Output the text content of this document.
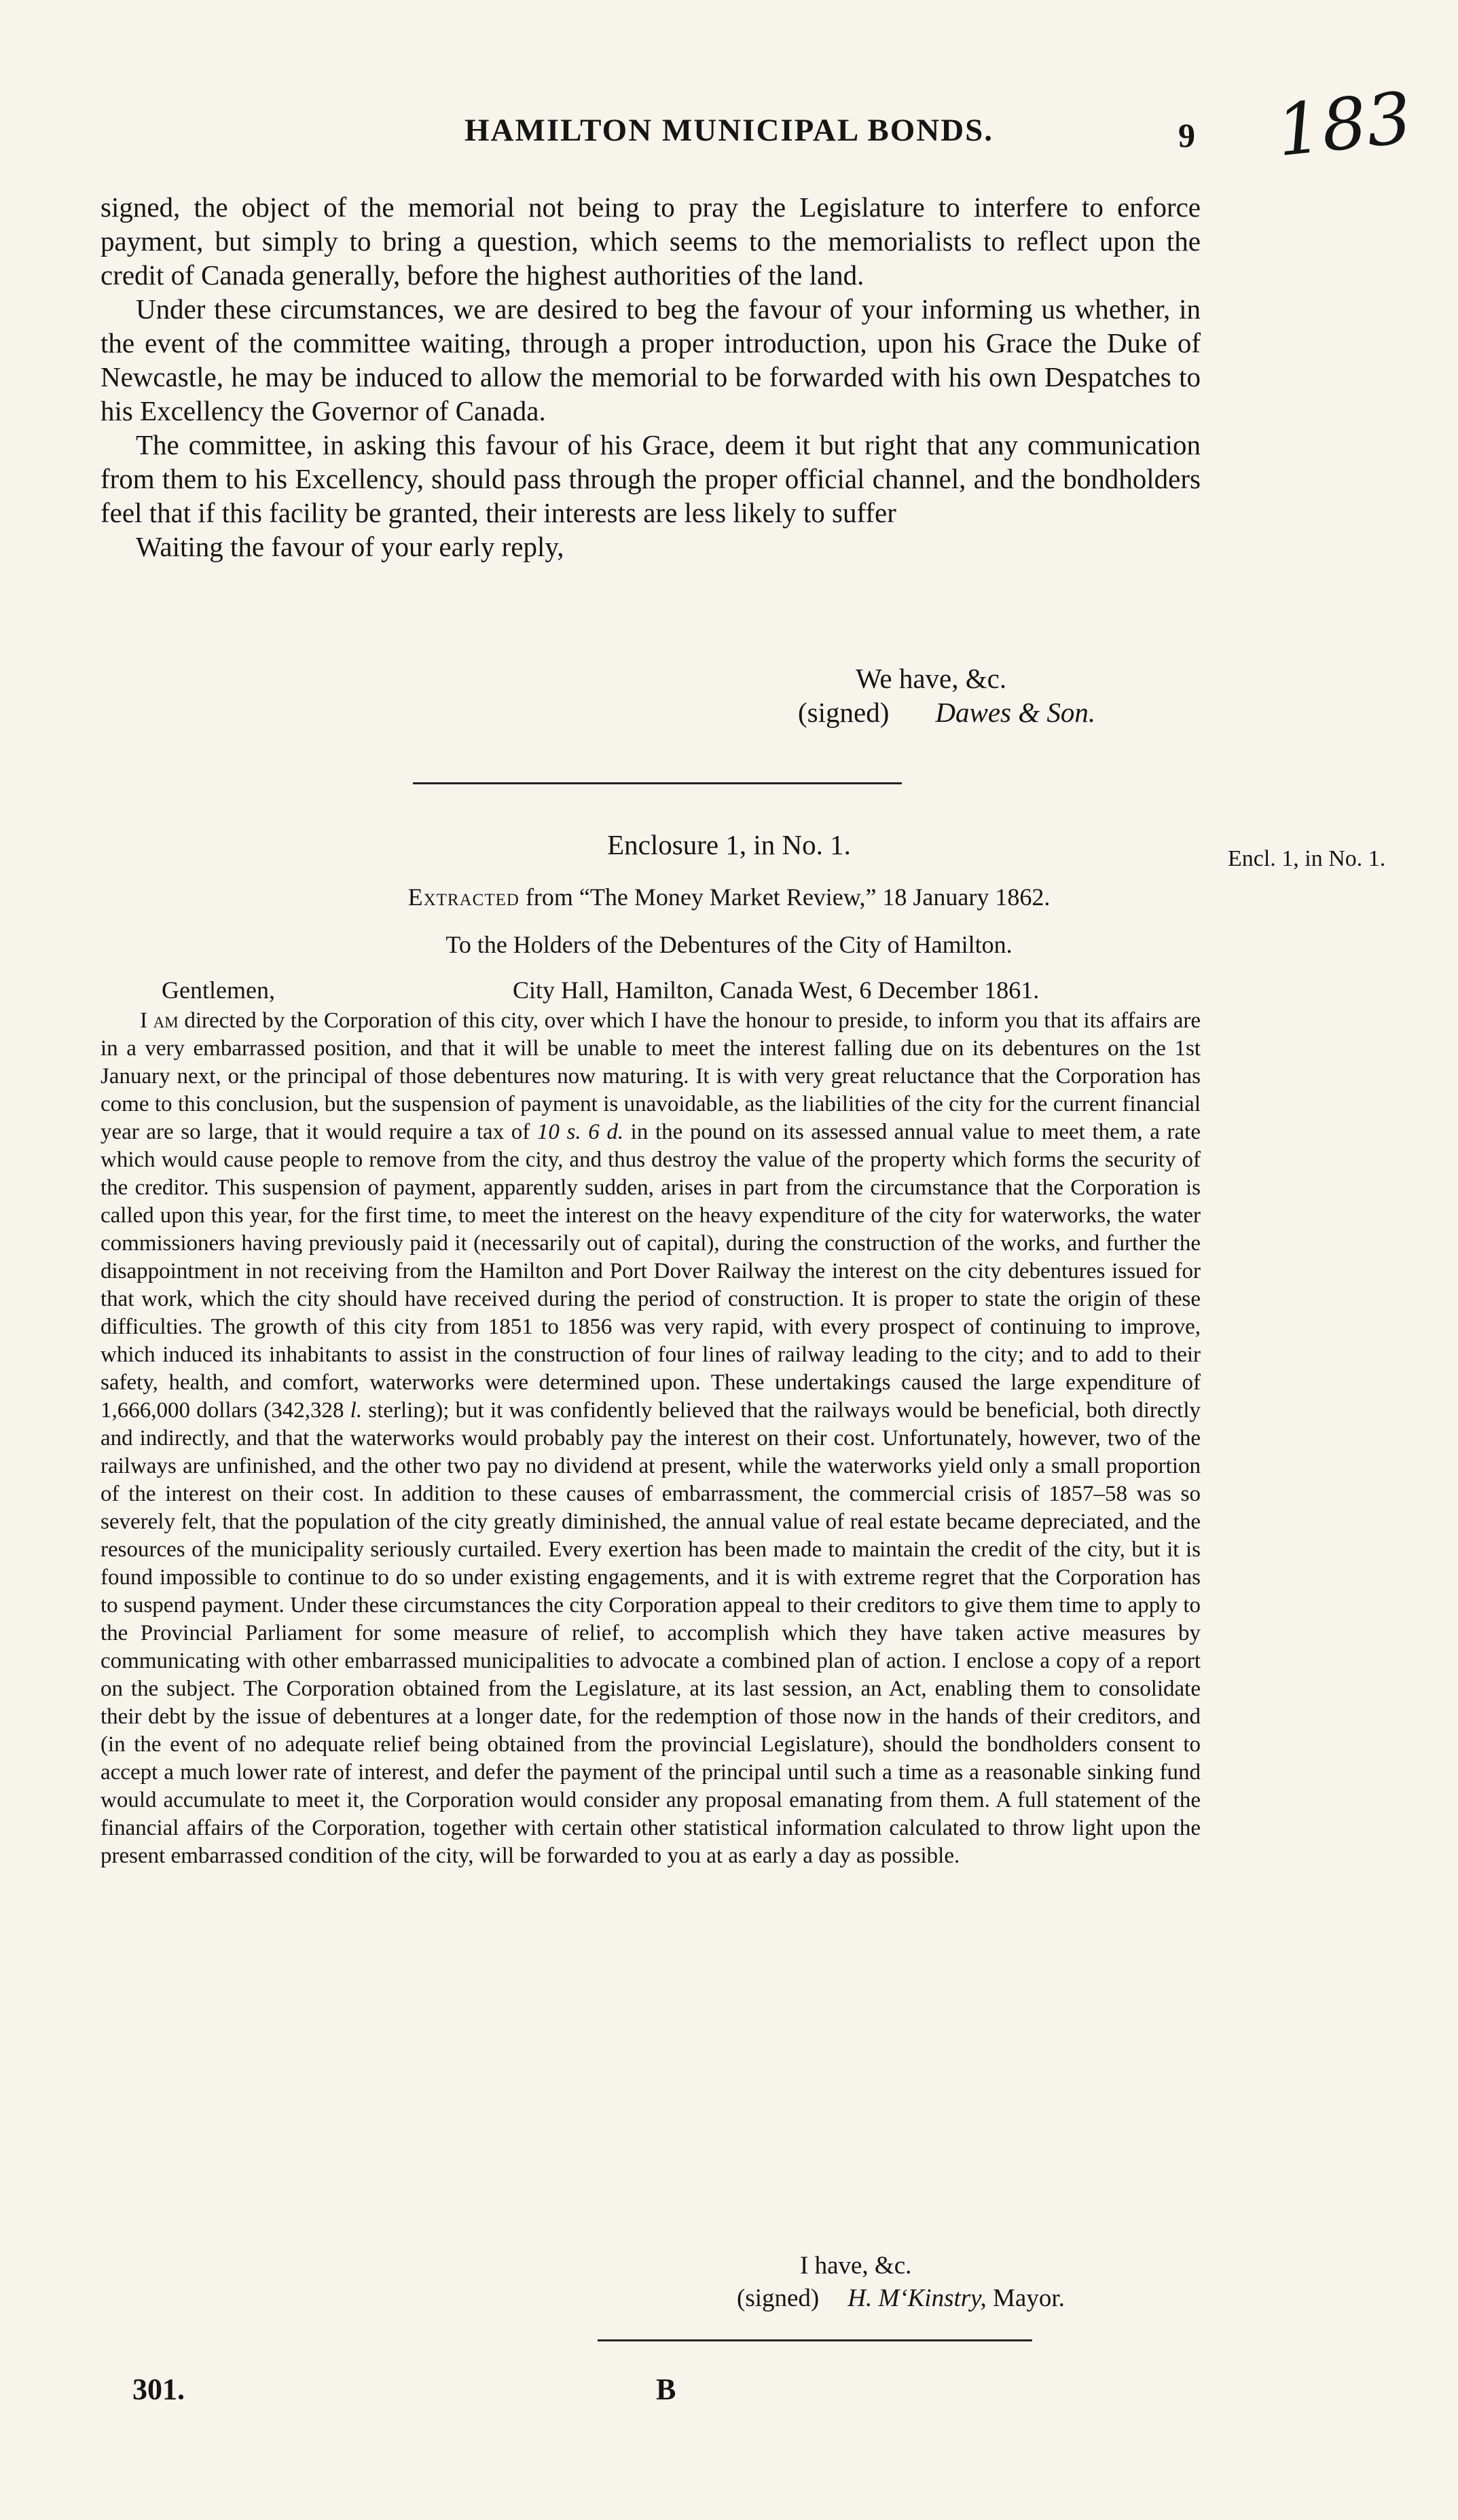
HAMILTON MUNICIPAL BONDS.	9 183

signed, the object of the memorial not being to pray the Legislature to interfere to enforce payment, but simply to bring a question, which seems to the memorialists to reflect upon the credit of Canada generally, before the highest authorities of the land.

Under these circumstances, we are desired to beg the favour of your informing us whether, in the event of the committee waiting, through a proper introduction, upon his Grace the Duke of Newcastle, he may be induced to allow the memorial to be forwarded with his own Despatches to his Excellency the Governor of Canada.

The committee, in asking this favour of his Grace, deem it but right that any communication from them to his Excellency, should pass through the proper official channel, and the bondholders feel that if this facility be granted, their interests are less likely to suffer

Waiting the favour of your early reply,

We have, &c.
(signed) Dawes & Son.
Enclosure 1, in No. 1.	Encl. 1, in No. 1.
Extracted from “The Money Market Review,” 18 January 1862.
To the Holders of the Debentures of the City of Hamilton.
Gentlemen,	City Hall, Hamilton, Canada West, 6 December 1861.

I am directed by the Corporation of this city, over which I have the honour to preside, to inform you that its affairs are in a very embarrassed position, and that it will be unable to meet the interest falling due on its debentures on the 1st January next, or the principal of those debentures now maturing. It is with very great reluctance that the Corporation has come to this conclusion, but the suspension of payment is unavoidable, as the liabilities of the city for the current financial year are so large, that it would require a tax of 10 s. 6 d. in the pound on its assessed annual value to meet them, a rate which would cause people to remove from the city, and thus destroy the value of the property which forms the security of the creditor. This suspension of payment, apparently sudden, arises in part from the circumstance that the Corporation is called upon this year, for the first time, to meet the interest on the heavy expenditure of the city for waterworks, the water commissioners having previously paid it (necessarily out of capital), during the construction of the works, and further the disappointment in not receiving from the Hamilton and Port Dover Railway the interest on the city debentures issued for that work, which the city should have received during the period of construction. It is proper to state the origin of these difficulties. The growth of this city from 1851 to 1856 was very rapid, with every prospect of continuing to improve, which induced its inhabitants to assist in the construction of four lines of railway leading to the city; and to add to their safety, health, and comfort, waterworks were determined upon. These undertakings caused the large expenditure of 1,666,000 dollars (342,328 l. sterling); but it was confidently believed that the railways would be beneficial, both directly and indirectly, and that the waterworks would probably pay the interest on their cost. Unfortunately, however, two of the railways are unfinished, and the other two pay no dividend at present, while the waterworks yield only a small proportion of the interest on their cost. In addition to these causes of embarrassment, the commercial crisis of 1857–58 was so severely felt, that the population of the city greatly diminished, the annual value of real estate became depreciated, and the resources of the municipality seriously curtailed. Every exertion has been made to maintain the credit of the city, but it is found impossible to continue to do so under existing engagements, and it is with extreme regret that the Corporation has to suspend payment. Under these circumstances the city Corporation appeal to their creditors to give them time to apply to the Provincial Parliament for some measure of relief, to accomplish which they have taken active measures by communicating with other embarrassed municipalities to advocate a combined plan of action. I enclose a copy of a report on the subject. The Corporation obtained from the Legislature, at its last session, an Act, enabling them to consolidate their debt by the issue of debentures at a longer date, for the redemption of those now in the hands of their creditors, and (in the event of no adequate relief being obtained from the provincial Legislature), should the bondholders consent to accept a much lower rate of interest, and defer the payment of the principal until such a time as a reasonable sinking fund would accumulate to meet it, the Corporation would consider any proposal emanating from them. A full statement of the financial affairs of the Corporation, together with certain other statistical information calculated to throw light upon the present embarrassed condition of the city, will be forwarded to you at as early a day as possible.

I have, &c.
(signed) H. M‘Kinstry, Mayor.
301.	B
